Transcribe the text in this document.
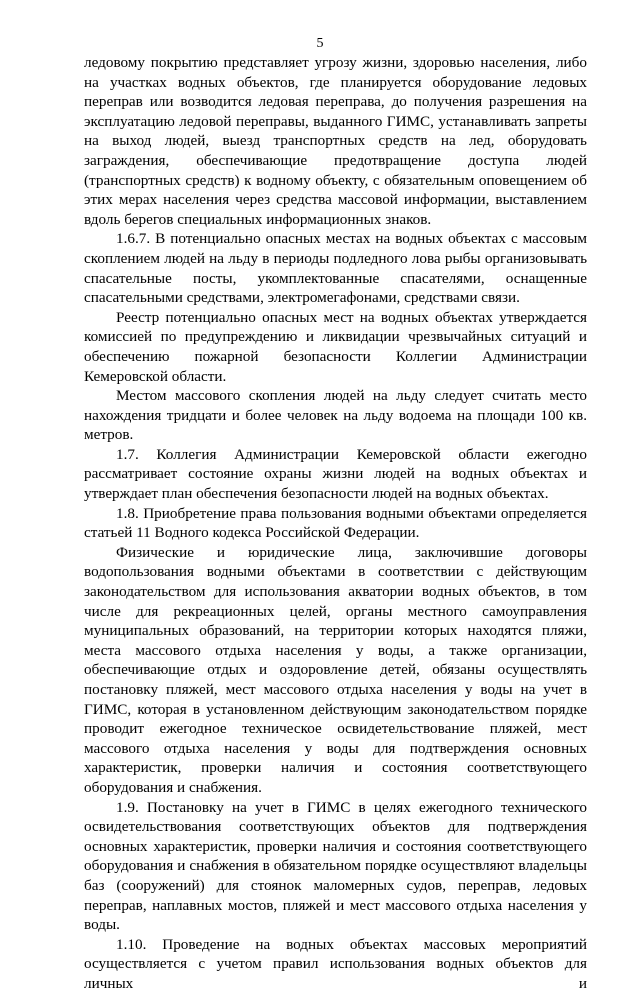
5

ледовому покрытию представляет угрозу жизни, здоровью населения, либо на участках водных объектов, где планируется оборудование ледовых переправ или возводится ледовая переправа, до получения разрешения на эксплуатацию ледовой переправы, выданного ГИМС, устанавливать запреты на выход людей, выезд транспортных средств на лед, оборудовать заграждения, обеспечивающие предотвращение доступа людей (транспортных средств) к водному объекту, с обязательным оповещением об этих мерах населения через средства массовой информации, выставлением вдоль берегов специальных информационных знаков.

1.6.7. В потенциально опасных местах на водных объектах с массовым скоплением людей на льду в периоды подледного лова рыбы организовывать спасательные посты, укомплектованные спасателями, оснащенные спасательными средствами, электромегафонами, средствами связи.

Реестр потенциально опасных мест на водных объектах утверждается комиссией по предупреждению и ликвидации чрезвычайных ситуаций и обеспечению пожарной безопасности Коллегии Администрации Кемеровской области.

Местом массового скопления людей на льду следует считать место нахождения тридцати и более человек на льду водоема на площади 100 кв. метров.

1.7. Коллегия Администрации Кемеровской области ежегодно рассматривает состояние охраны жизни людей на водных объектах и утверждает план обеспечения безопасности людей на водных объектах.

1.8. Приобретение права пользования водными объектами определяется статьей 11 Водного кодекса Российской Федерации.

Физические и юридические лица, заключившие договоры водопользования водными объектами в соответствии с действующим законодательством для использования акватории водных объектов, в том числе для рекреационных целей, органы местного самоуправления муниципальных образований, на территории которых находятся пляжи, места массового отдыха населения у воды, а также организации, обеспечивающие отдых и оздоровление детей, обязаны осуществлять постановку пляжей, мест массового отдыха населения у воды на учет в ГИМС, которая в установленном действующим законодательством порядке проводит ежегодное техническое освидетельствование пляжей, мест массового отдыха населения у воды для подтверждения основных характеристик, проверки наличия и состояния соответствующего оборудования и снабжения.

1.9. Постановку на учет в ГИМС в целях ежегодного технического освидетельствования соответствующих объектов для подтверждения основных характеристик, проверки наличия и состояния соответствующего оборудования и снабжения в обязательном порядке осуществляют владельцы баз (сооружений) для стоянок маломерных судов, переправ, ледовых переправ, наплавных мостов, пляжей и мест массового отдыха населения у воды.

1.10. Проведение на водных объектах массовых мероприятий осуществляется с учетом правил использования водных объектов для личных и
